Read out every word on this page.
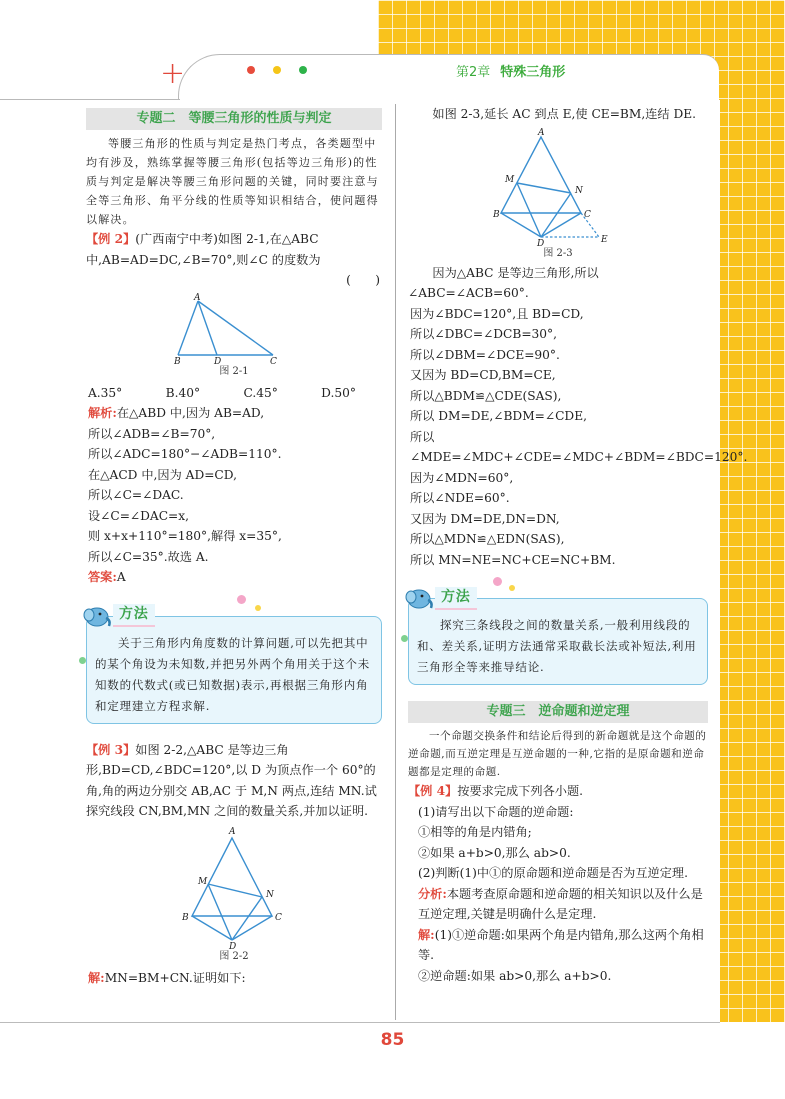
+	第2章 特殊三角形
专题二　等腰三角形的性质与判定

等腰三角形的性质与判定是热门考点，各类题型中均有涉及，熟练掌握等腰三角形(包括等边三角形)的性质与判定是解决等腰三角形问题的关键，同时要注意与全等三角形、角平分线的性质等知识相结合，使问题得以解决。

【例 2】(广西南宁中考)如图 2-1,在△ABC 中,AB=AD=DC,∠B=70°,则∠C 的度数为

(　　)
A
B	D	C
图 2-1
A.35°	B.40°	C.45°	D.50°

解析:在△ABD 中,因为 AB=AD,

所以∠ADB=∠B=70°,

所以∠ADC=180°−∠ADB=110°.

在△ACD 中,因为 AD=CD,

所以∠C=∠DAC.

设∠C=∠DAC=x,

则 x+x+110°=180°,解得 x=35°,

所以∠C=35°.故选 A.

答案:A

方法
关于三角形内角度数的计算问题,可以先把其中的某个角设为未知数,并把另外两个角用关于这个未知数的代数式(或已知数据)表示,再根据三角形内角和定理建立方程求解.

【例 3】如图 2-2,△ABC 是等边三角形,BD=CD,∠BDC=120°,以 D 为顶点作一个 60°的角,角的两边分别交 AB,AC 于 M,N 两点,连结 MN.试探究线段 CN,BM,MN 之间的数量关系,并加以证明.

A
M
N
B	C
D
图 2-2

解:MN=BM+CN.证明如下:

如图 2-3,延长 AC 到点 E,使 CE=BM,连结 DE.

A
M
N
B	C
D	E
图 2-3

因为△ABC 是等边三角形,所以∠ABC=∠ACB=60°.

因为∠BDC=120°,且 BD=CD,

所以∠DBC=∠DCB=30°,

所以∠DBM=∠DCE=90°.

又因为 BD=CD,BM=CE,

所以△BDM≌△CDE(SAS),

所以 DM=DE,∠BDM=∠CDE,

所以∠MDE=∠MDC+∠CDE=∠MDC+∠BDM=∠BDC=120°.

因为∠MDN=60°,

所以∠NDE=60°.

又因为 DM=DE,DN=DN,

所以△MDN≌△EDN(SAS),

所以 MN=NE=NC+CE=NC+BM.

方法
探究三条线段之间的数量关系,一般利用线段的和、差关系,证明方法通常采取截长法或补短法,利用三角形全等来推导结论.
专题三　逆命题和逆定理

一个命题交换条件和结论后得到的新命题就是这个命题的逆命题,而互逆定理是互逆命题的一种,它指的是原命题和逆命题都是定理的命题.

【例 4】按要求完成下列各小题.

(1)请写出以下命题的逆命题:

①相等的角是内错角;

②如果 a+b>0,那么 ab>0.

(2)判断(1)中①的原命题和逆命题是否为互逆定理.

分析:本题考查原命题和逆命题的相关知识以及什么是互逆定理,关键是明确什么是定理.

解:(1)①逆命题:如果两个角是内错角,那么这两个角相等.

②逆命题:如果 ab>0,那么 a+b>0.

85
